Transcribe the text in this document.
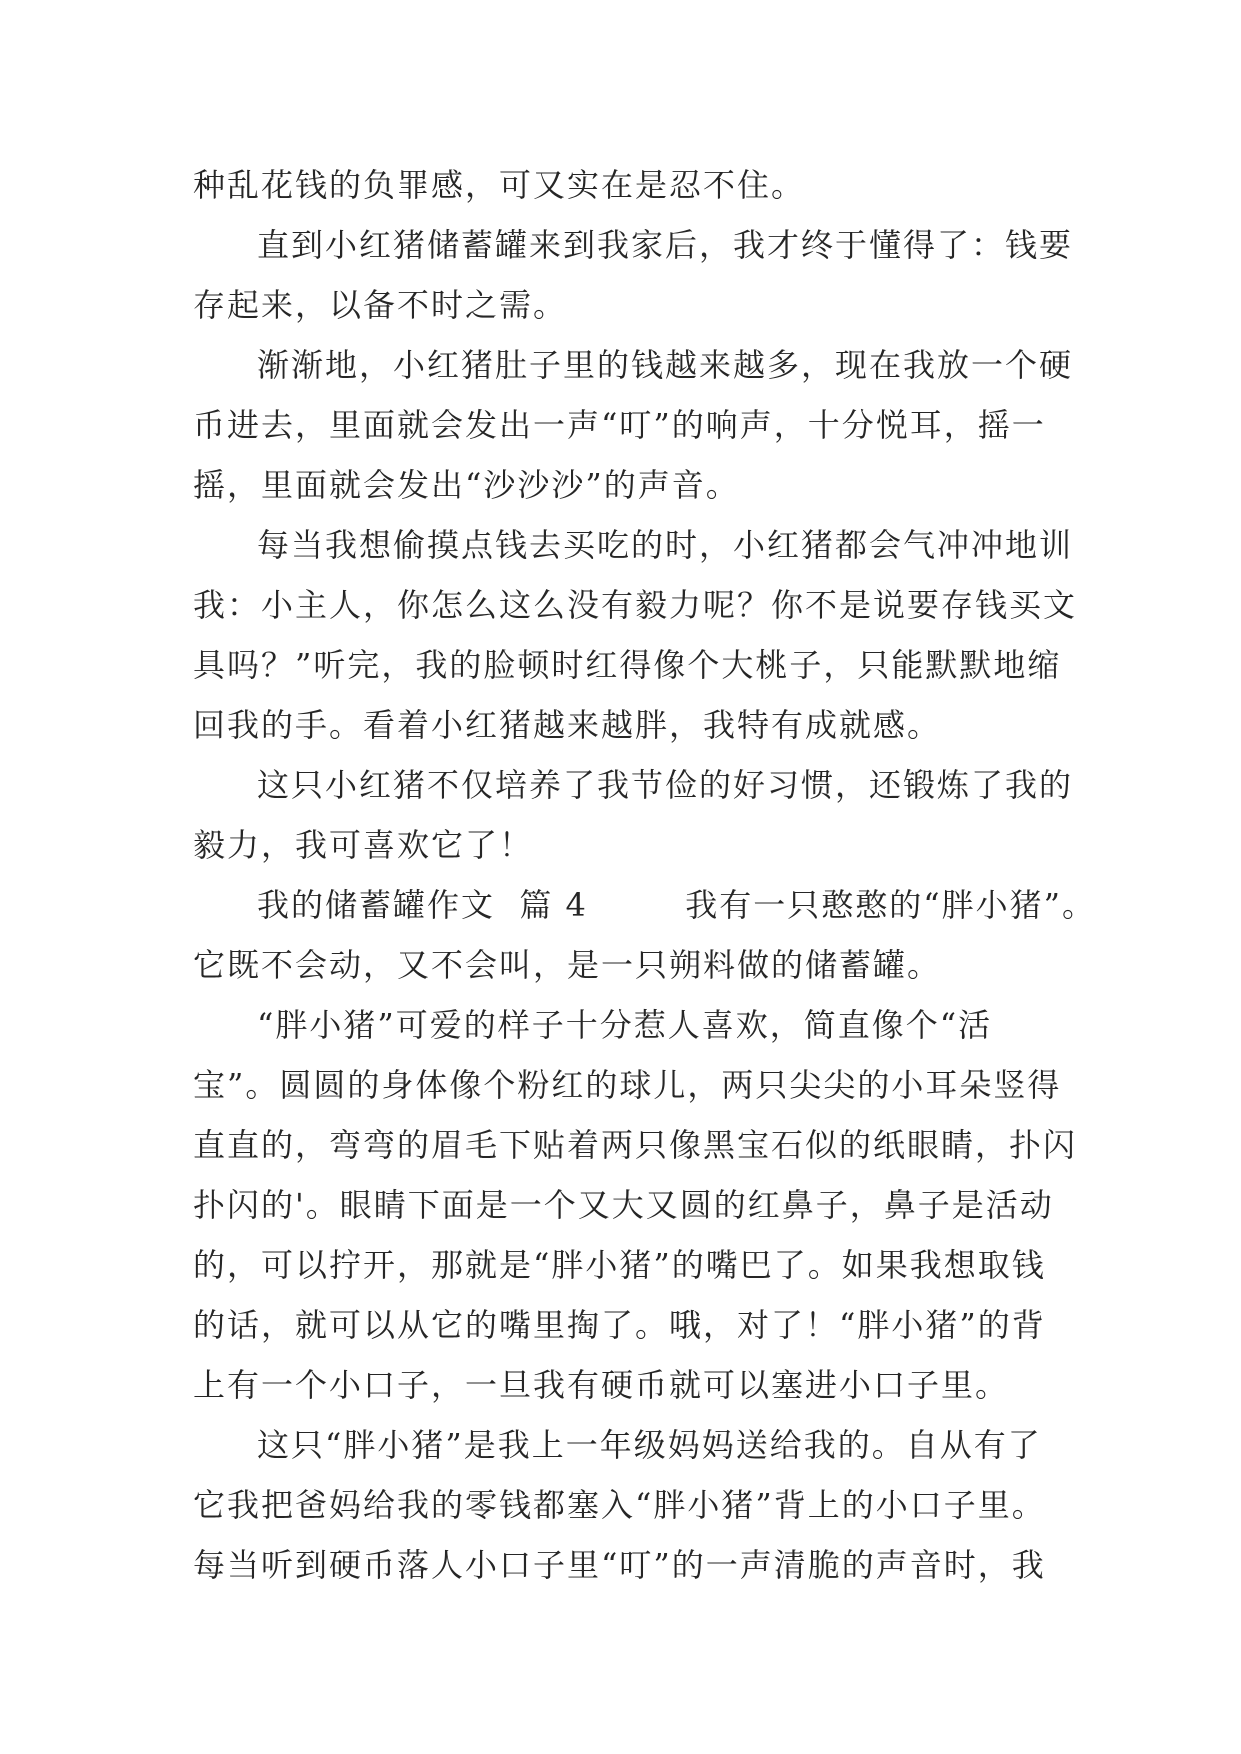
种乱花钱的负罪感，可又实在是忍不住。
直到小红猪储蓄罐来到我家后，我才终于懂得了：钱要
存起来，以备不时之需。
渐渐地，小红猪肚子里的钱越来越多，现在我放一个硬
币进去，里面就会发出一声“叮”的响声，十分悦耳，摇一
摇，里面就会发出“沙沙沙”的声音。
每当我想偷摸点钱去买吃的时，小红猪都会气冲冲地训
我：小主人，你怎么这么没有毅力呢？你不是说要存钱买文
具吗？”听完，我的脸顿时红得像个大桃子，只能默默地缩
回我的手。看着小红猪越来越胖，我特有成就感。
这只小红猪不仅培养了我节俭的好习惯，还锻炼了我的
毅力，我可喜欢它了！
我的储蓄罐作文  篇 4        我有一只憨憨的“胖小猪”。
它既不会动，又不会叫，是一只朔料做的储蓄罐。
“胖小猪”可爱的样子十分惹人喜欢，简直像个“活
宝”。圆圆的身体像个粉红的球儿，两只尖尖的小耳朵竖得
直直的，弯弯的眉毛下贴着两只像黑宝石似的纸眼睛，扑闪
扑闪的'。眼睛下面是一个又大又圆的红鼻子，鼻子是活动
的，可以拧开，那就是“胖小猪”的嘴巴了。如果我想取钱
的话，就可以从它的嘴里掏了。哦，对了！“胖小猪”的背
上有一个小口子，一旦我有硬币就可以塞进小口子里。
这只“胖小猪”是我上一年级妈妈送给我的。自从有了
它我把爸妈给我的零钱都塞入“胖小猪”背上的小口子里。
每当听到硬币落人小口子里“叮”的一声清脆的声音时，我
